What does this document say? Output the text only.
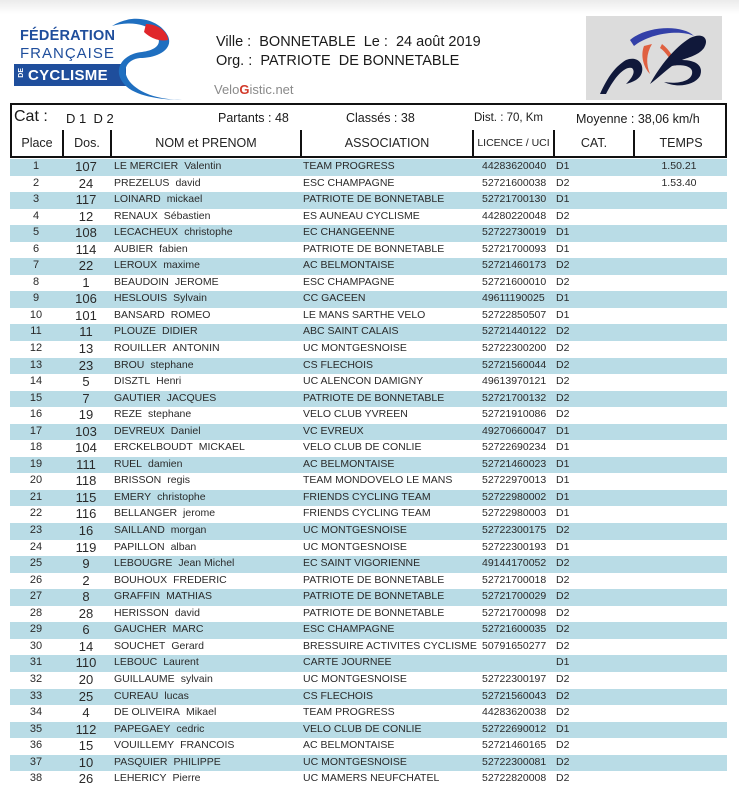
FÉDÉRATION
FRANÇAISE
DE CYCLISME
Ville :  BONNETABLE  Le :  24 août 2019
Org. :  PATRIOTE  DE BONNETABLE
VeloGistic.net
Cat : D 1  D 2	Partants : 48	Classés : 38	Dist. : 70, Km	Moyenne : 38,06 km/h
Place	Dos.	NOM et PRENOM	ASSOCIATION	LICENCE / UCI	CAT.	TEMPS
1	107	LE MERCIER Valentin	TEAM PROGRESS	44283620040 D1	1.50.21
2	24	PREZELUS david	ESC CHAMPAGNE	52721600038 D2	1.53.40
3	117	LOINARD mickael	PATRIOTE DE BONNETABLE	52721700130 D1
4	12	RENAUX Sébastien	ES AUNEAU CYCLISME	44280220048 D2
5	108	LECACHEUX christophe	EC CHANGEENNE	52722730019 D1
6	114	AUBIER fabien	PATRIOTE DE BONNETABLE	52721700093 D1
7	22	LEROUX maxime	AC BELMONTAISE	52721460173 D2
8	1	BEAUDOIN JEROME	ESC CHAMPAGNE	52721600010 D2
9	106	HESLOUIS Sylvain	CC GACEEN	49611190025 D1
10	101	BANSARD ROMEO	LE MANS SARTHE VELO	52722850507 D1
11	11	PLOUZE DIDIER	ABC SAINT CALAIS	52721440122 D2
12	13	ROUILLER ANTONIN	UC MONTGESNOISE	52722300200 D2
13	23	BROU stephane	CS FLECHOIS	52721560044 D2
14	5	DISZTL Henri	UC ALENCON DAMIGNY	49613970121 D2
15	7	GAUTIER JACQUES	PATRIOTE DE BONNETABLE	52721700132 D2
16	19	REZE stephane	VELO CLUB YVREEN	52721910086 D2
17	103	DEVREUX Daniel	VC EVREUX	49270660047 D1
18	104	ERCKELBOUDT MICKAEL	VELO CLUB DE CONLIE	52722690234 D1
19	111	RUEL damien	AC BELMONTAISE	52721460023 D1
20	118	BRISSON regis	TEAM MONDOVELO LE MANS	52722970013 D1
21	115	EMERY christophe	FRIENDS CYCLING TEAM	52722980002 D1
22	116	BELLANGER jerome	FRIENDS CYCLING TEAM	52722980003 D1
23	16	SAILLAND morgan	UC MONTGESNOISE	52722300175 D2
24	119	PAPILLON alban	UC MONTGESNOISE	52722300193 D1
25	9	LEBOUGRE Jean Michel	EC SAINT VIGORIENNE	49144170052 D2
26	2	BOUHOUX FREDERIC	PATRIOTE DE BONNETABLE	52721700018 D2
27	8	GRAFFIN MATHIAS	PATRIOTE DE BONNETABLE	52721700029 D2
28	28	HERISSON david	PATRIOTE DE BONNETABLE	52721700098 D2
29	6	GAUCHER MARC	ESC CHAMPAGNE	52721600035 D2
30	14	SOUCHET Gerard	BRESSUIRE ACTIVITES CYCLISME 50791650277 D2
31	110	LEBOUC Laurent	CARTE JOURNEE	D1
32	20	GUILLAUME sylvain	UC MONTGESNOISE	52722300197 D2
33	25	CUREAU lucas	CS FLECHOIS	52721560043 D2
34	4	DE OLIVEIRA Mikael	TEAM PROGRESS	44283620038 D2
35	112	PAPEGAEY cedric	VELO CLUB DE CONLIE	52722690012 D1
36	15	VOUILLEMY FRANCOIS	AC BELMONTAISE	52721460165 D2
37	10	PASQUIER PHILIPPE	UC MONTGESNOISE	52722300081 D2
38	26	LEHERICY Pierre	UC MAMERS NEUFCHATEL	52722820008 D2
